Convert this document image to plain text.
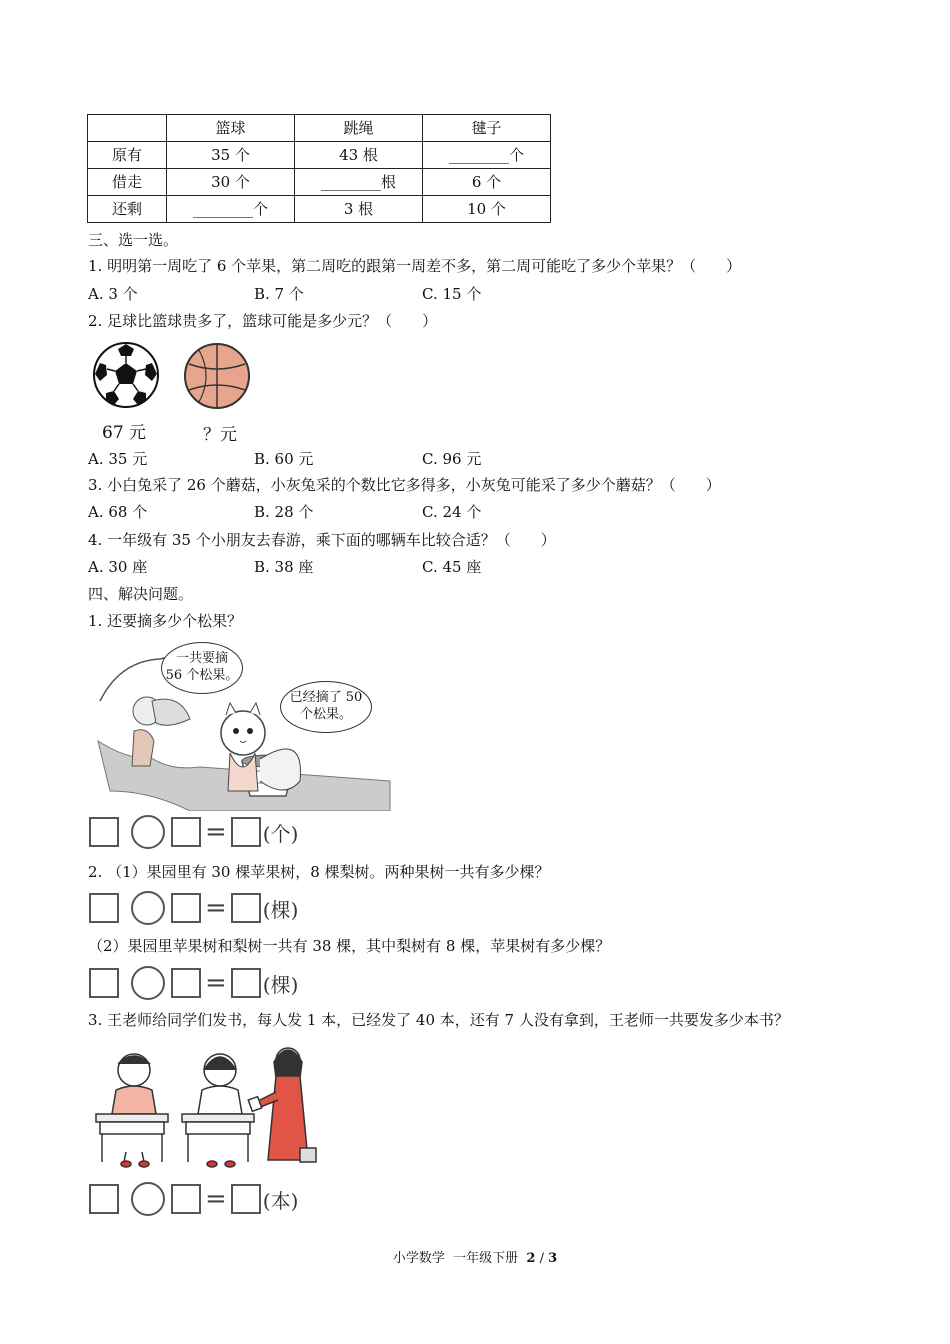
	篮球	跳绳	毽子
原有	35 个	43 根	________个
借走	30 个	________根	6 个
还剩	________个	3 根	10 个
三、选一选。
1. 明明第一周吃了 6 个苹果，第二周吃的跟第一周差不多，第二周可能吃了多少个苹果？（　　）
A. 3 个	B. 7 个	C. 15 个
2. 足球比篮球贵多了，篮球可能是多少元？（　　）
67 元	？元
A. 35 元	B. 60 元	C. 96 元
3. 小白兔采了 26 个蘑菇，小灰兔采的个数比它多得多，小灰兔可能采了多少个蘑菇？（　　）
A. 68 个	B. 28 个	C. 24 个
4. 一年级有 35 个小朋友去春游，乘下面的哪辆车比较合适？（　　）
A. 30 座	B. 38 座	C. 45 座
四、解决问题。
1. 还要摘多少个松果？
一共要摘
56 个松果。
已经摘了 50
个松果。
= (个)
2. （1）果园里有 30 棵苹果树，8 棵梨树。两种果树一共有多少棵？
= (棵)
（2）果园里苹果树和梨树一共有 38 棵，其中梨树有 8 棵，苹果树有多少棵？
= (棵)
3. 王老师给同学们发书，每人发 1 本，已经发了 40 本，还有 7 人没有拿到，王老师一共要发多少本书？
= (本)
小学数学 一年级下册 2 / 3
